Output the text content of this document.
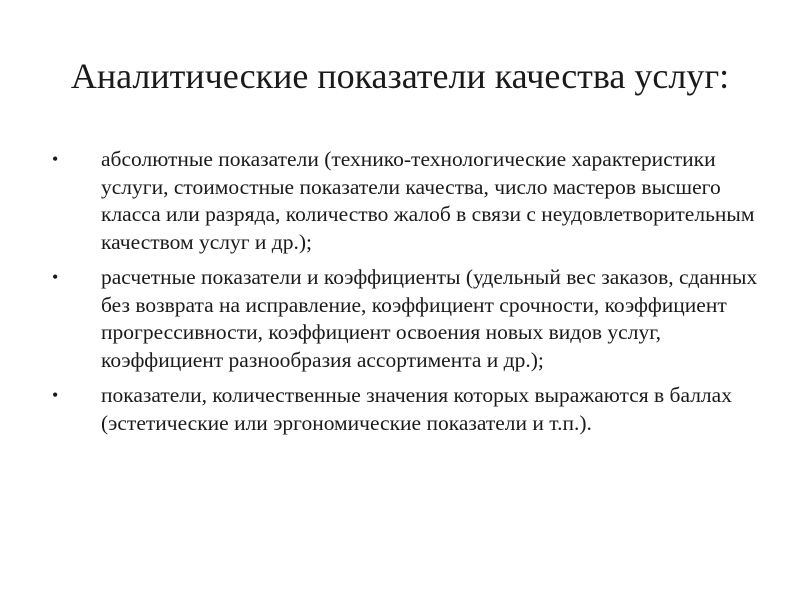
Аналитические показатели качества услуг:
• абсолютные показатели (технико-технологические характеристики услуги, стоимостные показатели качества, число мастеров высшего класса или разряда, количество жалоб в связи с неудовлетворительным качеством услуг и др.);
• расчетные показатели и коэффициенты (удельный вес заказов, сданных без возврата на исправление, коэффициент срочности, коэффициент прогрессивности, коэффициент освоения новых видов услуг, коэффициент разнообразия ассортимента и др.);
• показатели, количественные значения которых выражаются в баллах (эстетические или эргономические показатели и т.п.).
